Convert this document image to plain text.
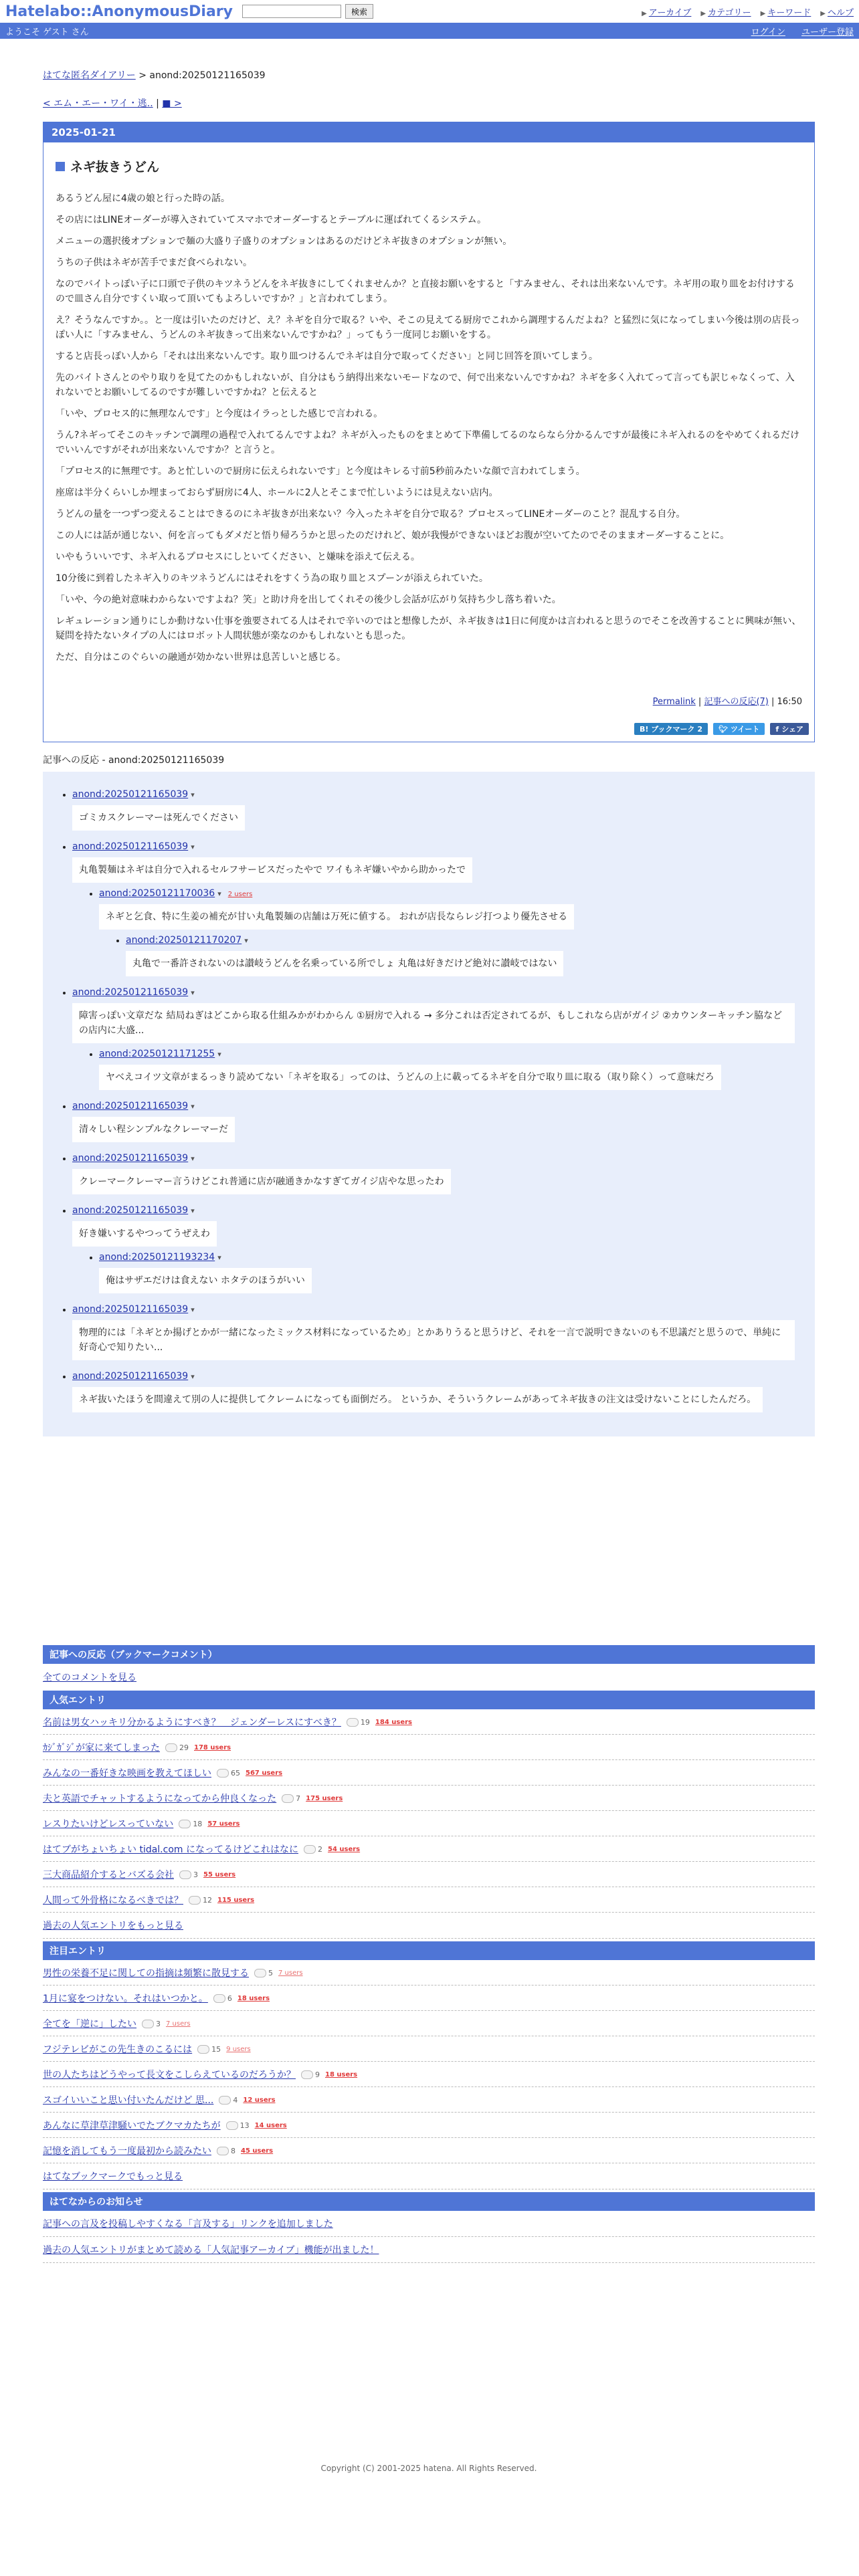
Hatelabo::AnonymousDiary	検索	▶ アーカイブ ▶ カテゴリー ▶ キーワード ▶ ヘルプ
ようこそ ゲスト さん	ログイン ユーザー登録
はてな匿名ダイアリー > anond:20250121165039
< エム・エー・ワイ・逃.. | ■ >
2025-01-21
ネギ抜きうどん

あるうどん屋に4歳の娘と行った時の話。

その店にはLINEオーダーが導入されていてスマホでオーダーするとテーブルに運ばれてくるシステム。

メニューの選択後オプションで麺の大盛り子盛りのオプションはあるのだけどネギ抜きのオプションが無い。

うちの子供はネギが苦手でまだ食べられない。

なのでバイトっぽい子に口頭で子供のキツネうどんをネギ抜きにしてくれませんか？と直接お願いをすると「すみません、それは出来ないんです。ネギ用の取り皿をお付けするので皿さん自分ですくい取って頂いてもよろしいですか？」と言われてしまう。

え？そうなんですか。。と一度は引いたのだけど、え？ネギを自分で取る？いや、そこの見えてる厨房でこれから調理するんだよね？と猛烈に気になってしまい今後は別の店長っぽい人に「すみません、うどんのネギ抜きって出来ないんですかね？」ってもう一度同じお願いをする。

すると店長っぽい人から「それは出来ないんです。取り皿つけるんでネギは自分で取ってください」と同じ回答を頂いてしまう。

先のバイトさんとのやり取りを見てたのかもしれないが、自分はもう納得出来ないモードなので、何で出来ないんですかね？ネギを多く入れてって言っても訳じゃなくって、入れないでとお願いしてるのですが難しいですかね？と伝えると

「いや、プロセス的に無理なんです」と今度はイラっとした感じで言われる。

うん?ネギってそこのキッチンで調理の過程で入れてるんですよね？ネギが入ったものをまとめて下準備してるのならなら分かるんですが最後にネギ入れるのをやめてくれるだけでいいんですがそれが出来ないんですか？と言うと。

「プロセス的に無理です。あと忙しいので厨房に伝えられないです」と今度はキレる寸前5秒前みたいな顔で言われてしまう。

座席は半分くらいしか埋まっておらず厨房に4人、ホールに2人とそこまで忙しいようには見えない店内。

うどんの量を一つずつ変えることはできるのにネギ抜きが出来ない？今入ったネギを自分で取る？プロセスってLINEオーダーのこと？混乱する自分。

この人には話が通じない、何を言ってもダメだと悟り帰ろうかと思ったのだけれど、娘が我慢ができないほどお腹が空いてたのでそのままオーダーすることに。

いやもういいです、ネギ入れるプロセスにしといてください、と嫌味を添えて伝える。

10分後に到着したネギ入りのキツネうどんにはそれをすくう為の取り皿とスプーンが添えられていた。

「いや、今の絶対意味わからないですよね？笑」と助け舟を出してくれその後少し会話が広がり気持ち少し落ち着いた。

レギュレーション通りにしか動けない仕事を強要されてる人はそれで辛いのではと想像したが、ネギ抜きは1日に何度かは言われると思うのでそこを改善することに興味が無い、疑問を持たないタイプの人にはロボット人間状態が楽なのかもしれないとも思った。

ただ、自分はこのぐらいの融通が効かない世界は息苦しいと感じる。

Permalink | 記事への反応(7) | 16:50
B! ブックマーク 2	🐦︎ ツイート f シェア
記事への反応 - anond:20250121165039
• anond:20250121165039 ▾
ゴミカスクレーマーは死んでください
• anond:20250121165039 ▾
丸亀製麺はネギは自分で入れるセルフサービスだったやで ワイもネギ嫌いやから助かったで
• anond:20250121170036 ▾ 2 users
ネギと乞食、特に生姜の補充が甘い丸亀製麺の店舗は万死に値する。 おれが店長ならレジ打つより優先させる
• anond:20250121170207 ▾
丸亀で一番許されないのは讃岐うどんを名乗っている所でしょ 丸亀は好きだけど絶対に讃岐ではない
• anond:20250121165039 ▾
障害っぽい文章だな 結局ねぎはどこから取る仕組みかがわからん ①厨房で入れる → 多分これは否定されてるが、もしこれなら店がガイジ ②カウンターキッチン脇などの店内に大盛...
• anond:20250121171255 ▾
ヤベえコイツ文章がまるっきり読めてない「ネギを取る」ってのは、うどんの上に載ってるネギを自分で取り皿に取る（取り除く）って意味だろ
• anond:20250121165039 ▾
清々しい程シンプルなクレーマーだ
• anond:20250121165039 ▾
クレーマークレーマー言うけどこれ普通に店が融通きかなすぎてガイジ店やな思ったわ
• anond:20250121165039 ▾
好き嫌いするやつってうぜえわ
• anond:20250121193234 ▾
俺はサザエだけは食えない ホタテのほうがいい
• anond:20250121165039 ▾
物理的には「ネギとか揚げとかが一緒になったミックス材料になっているため」とかありうると思うけど、それを一言で説明できないのも不思議だと思うので、単純に好奇心で知りたい...
• anond:20250121165039 ▾
ネギ抜いたほうを間違えて別の人に提供してクレームになっても面倒だろ。 というか、そういうクレームがあってネギ抜きの注文は受けないことにしたんだろ。
記事への反応（ブックマークコメント）
全てのコメントを見る
人気エントリ
名前は男女ハッキリ分かるようにすべき？　ジェンダーレスにすべき？	19 184 users
ｶｼﾞｶﾞｼﾞが家に来てしまった	29 178 users
みんなの一番好きな映画を教えてほしい	65 567 users
夫と英語でチャットするようになってから仲良くなった	7 175 users
レスりたいけどレスっていない	18 57 users
はてブがちょいちょい tidal.com になってるけどこれはなに	2 54 users
三大商品紹介するとバズる会社	3 55 users
人間って外骨格になるべきでは？	12 115 users
過去の人気エントリをもっと見る
注目エントリ
男性の栄養不足に関しての指摘は頻繁に散見する	5 7 users
1月に宴をつけない。それはいつかと。	6 18 users
全てを「逆に」したい	3 7 users
フジテレビがこの先生きのこるには	15 9 users
世の人たちはどうやって長文をこしらえているのだろうか？	9 18 users
スゴイいいこと思い付いたんだけど 思...	4 12 users
あんなに草津草津騒いでたブクマカたちが	13 14 users
記憶を消してもう一度最初から読みたい	8 45 users
はてなブックマークでもっと見る
はてなからのお知らせ
記事への言及を投稿しやすくなる「言及する」リンクを追加しました
過去の人気エントリがまとめて読める「人気記事アーカイブ」機能が出ました！
Copyright (C) 2001-2025 hatena. All Rights Reserved.
